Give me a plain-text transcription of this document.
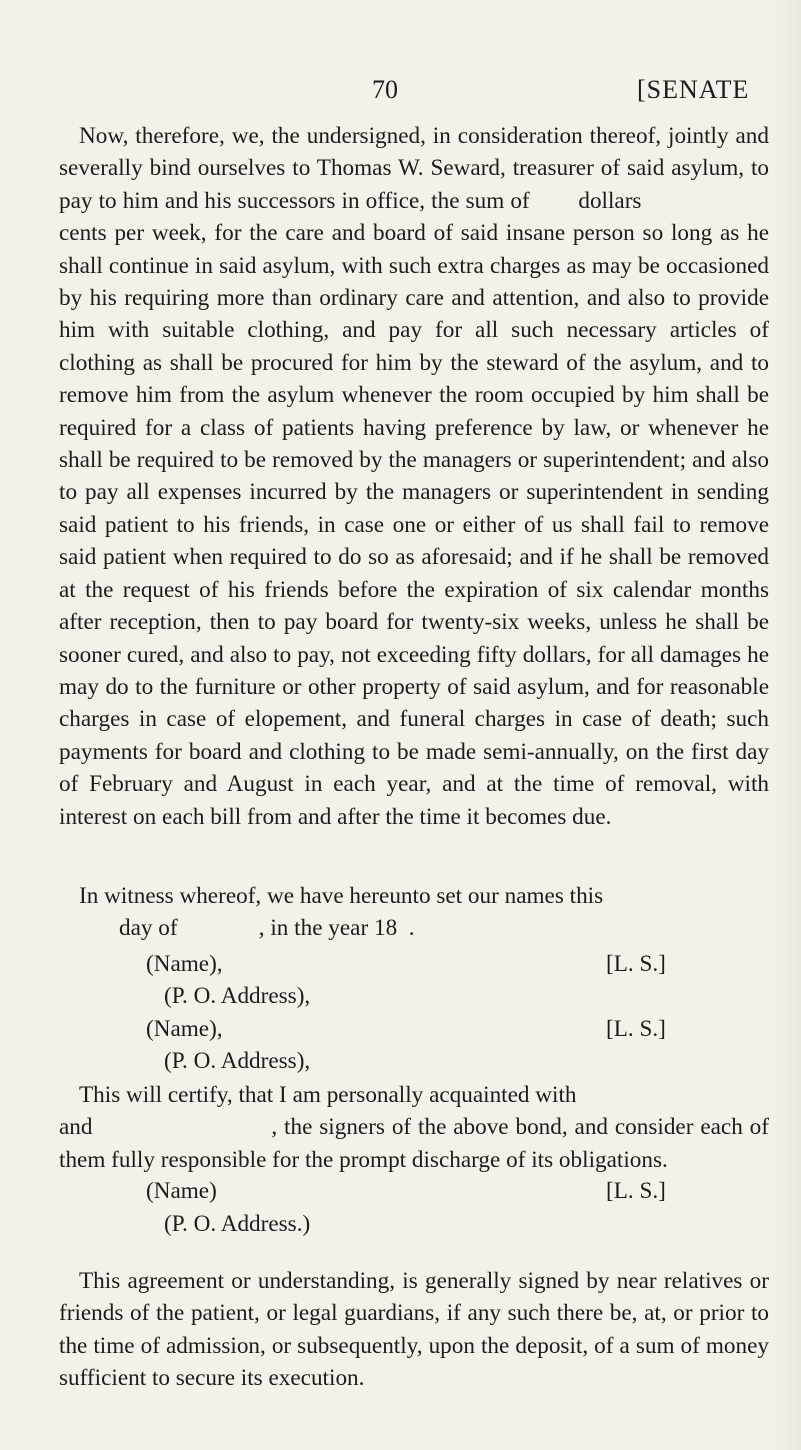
70	[SENATE

Now, therefore, we, the undersigned, in consideration thereof, jointly and severally bind ourselves to Thomas W. Seward, treasurer of said asylum, to pay to him and his successors in office, the sum of        dollars                      cents per week, for the care and board of said insane person so long as he shall continue in said asylum, with such extra charges as may be occasioned by his requiring more than ordinary care and attention, and also to provide him with suitable clothing, and pay for all such necessary articles of clothing as shall be procured for him by the steward of the asylum, and to remove him from the asylum whenever the room occupied by him shall be required for a class of patients having preference by law, or whenever he shall be required to be removed by the managers or superintendent; and also to pay all expenses incurred by the managers or superintendent in sending said patient to his friends, in case one or either of us shall fail to remove said patient when required to do so as aforesaid; and if he shall be removed at the request of his friends before the expiration of six calendar months after reception, then to pay board for twenty-six weeks, unless he shall be sooner cured, and also to pay, not exceeding fifty dollars, for all damages he may do to the furniture or other property of said asylum, and for reasonable charges in case of elopement, and funeral charges in case of death; such payments for board and clothing to be made semi-annually, on the first day of February and August in each year, and at the time of removal, with interest on each bill from and after the time it becomes due.

In witness whereof, we have hereunto set our names this
day of              , in the year 18  .
(Name),	[L. S.]
(P. O. Address),
(Name),	[L. S.]
(P. O. Address),

This will certify, that I am personally acquainted with

and                          , the signers of the above bond, and consider each of them fully responsible for the prompt discharge of its obligations.

(Name)	[L. S.]
(P. O. Address.)

This agreement or understanding, is generally signed by near relatives or friends of the patient, or legal guardians, if any such there be, at, or prior to the time of admission, or subsequently, upon the deposit, of a sum of money sufficient to secure its execution.
